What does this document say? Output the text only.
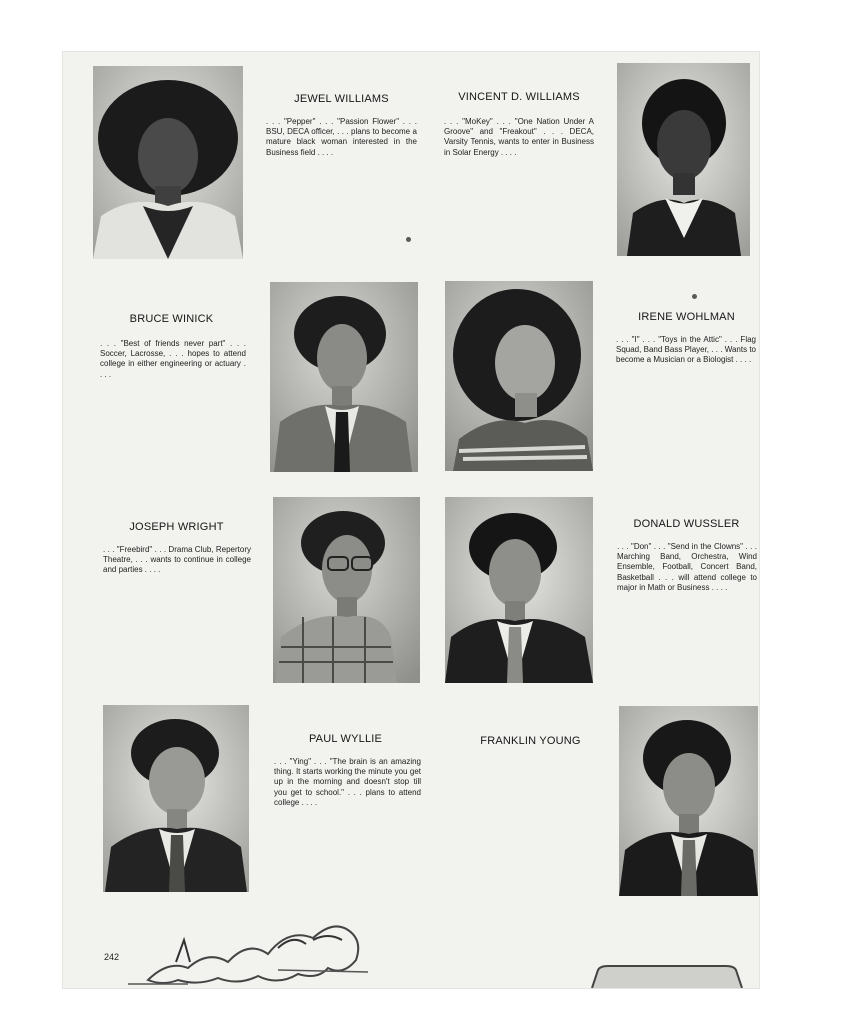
JEWEL WILLIAMS

. . . "Pepper" . . . "Passion Flower" . . . BSU, DECA officer, . . . plans to become a mature black woman interested in the Business field . . . .

VINCENT D. WILLIAMS

. . . "MoKey" . . . "One Nation Under A Groove" and "Freakout" . . . DECA, Varsity Tennis, wants to enter in Business in Solar Energy . . . .

BRUCE WINICK

. . . "Best of friends never part" . . . Soccer, Lacrosse, . . . hopes to attend college in either engineering or actuary . . . .

IRENE WOHLMAN

. . . "I" . . . "Toys in the Attic" . . . Flag Squad, Band Bass Player, . . . Wants to become a Musician or a Biologist . . . .

JOSEPH WRIGHT

. . . "Freebird" . . . Drama Club, Repertory Theatre, . . . wants to continue in college and parties . . . .

DONALD WUSSLER

. . . "Don" . . . "Send in the Clowns" . . . Marching Band, Orchestra, Wind Ensemble, Football, Concert Band, Basketball . . . will attend college to major in Math or Business . . . .

PAUL WYLLIE

. . . "Ying" . . . "The brain is an amazing thing. It starts working the minute you get up in the morning and doesn't stop till you get to school." . . . plans to attend college . . . .

FRANKLIN YOUNG

242
